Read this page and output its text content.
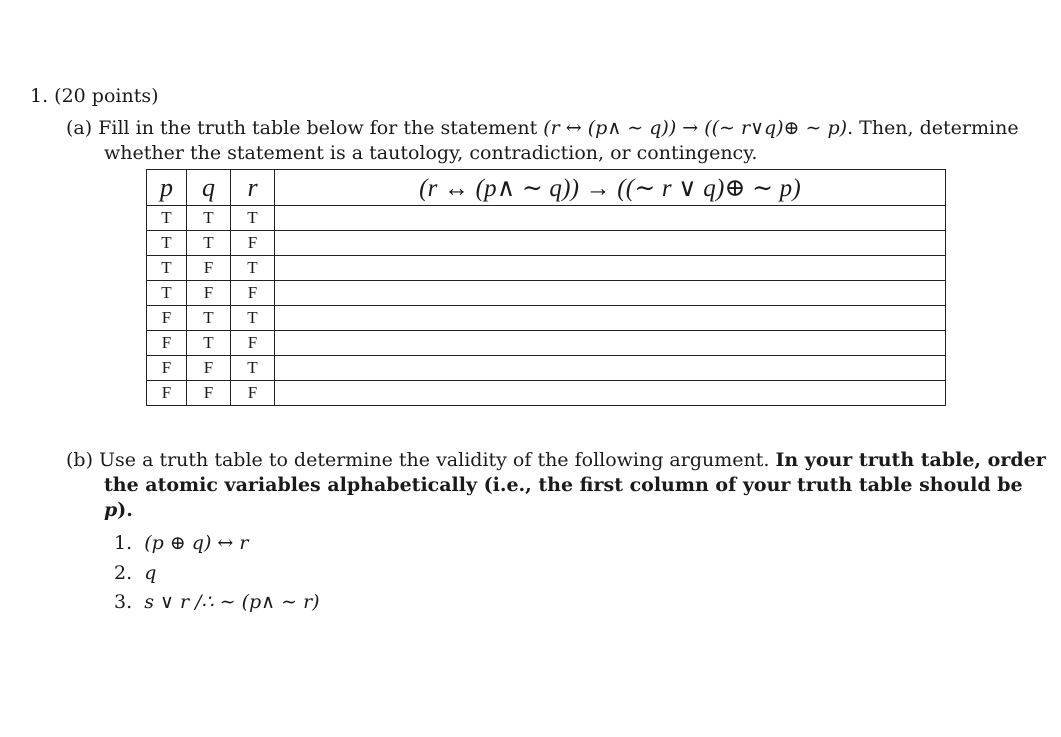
1. (20 points)
(a) Fill in the truth table below for the statement (r ↔ (p∧ ∼ q)) → ((∼ r∨q)⊕ ∼ p). Then, determine
whether the statement is a tautology, contradiction, or contingency.
p	q	r	(r ↔ (p∧ ∼ q)) → ((∼ r ∨ q)⊕ ∼ p)
T	T	T	
T	T	F	
T	F	T	
T	F	F	
F	T	T	
F	T	F	
F	F	T	
F	F	F	
(b) Use a truth table to determine the validity of the following argument. In your truth table, order
the atomic variables alphabetically (i.e., the first column of your truth table should be
p).
1. (p ⊕ q) ↔ r
2. q
3. s ∨ r /∴ ∼ (p∧ ∼ r)
